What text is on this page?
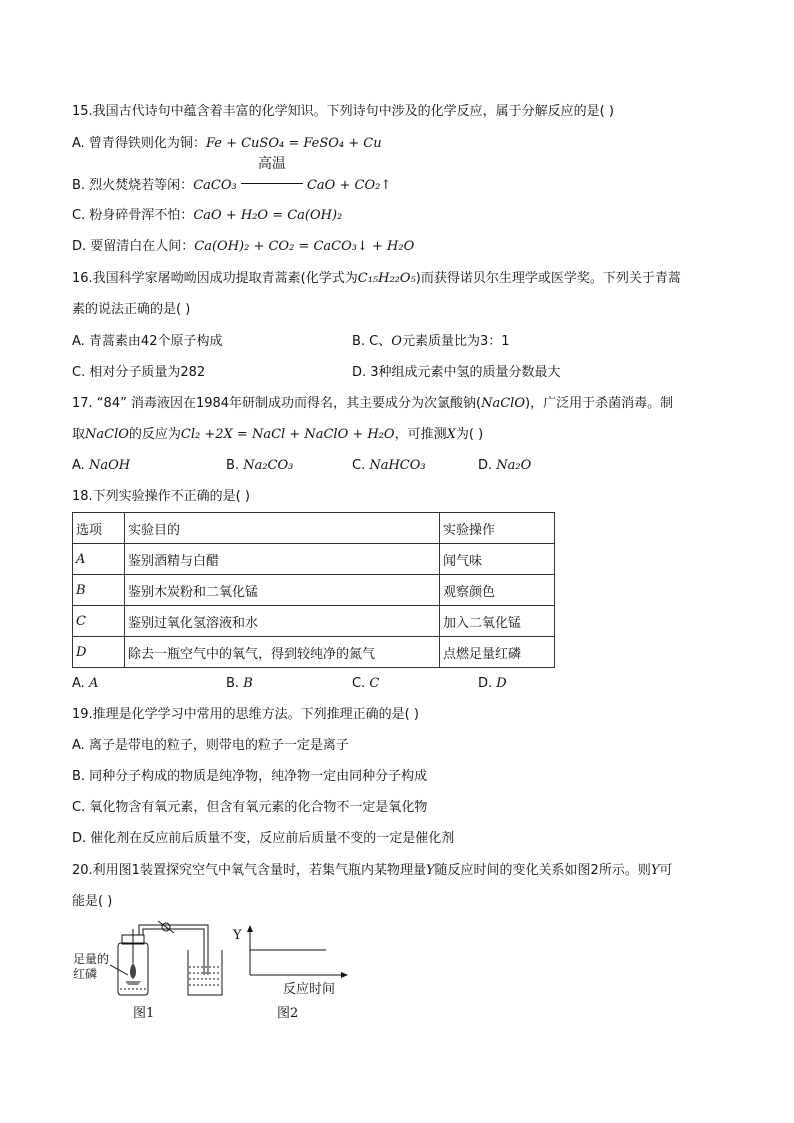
15.我国古代诗句中蕴含着丰富的化学知识。下列诗句中涉及的化学反应，属于分解反应的是( )
A. 曾青得铁则化为铜：Fe + CuSO₄ = FeSO₄ + Cu
B. 烈火焚烧若等闲：CaCO₃
高温
CaO + CO₂↑
C. 粉身碎骨浑不怕：CaO + H₂O = Ca(OH)₂
D. 要留清白在人间：Ca(OH)₂ + CO₂ = CaCO₃↓ + H₂O
16.我国科学家屠呦呦因成功提取青蒿素(化学式为C₁₅H₂₂O₅)而获得诺贝尔生理学或医学奖。下列关于青蒿
素的说法正确的是( )
A. 青蒿素由42个原子构成	B. C、O元素质量比为3：1
C. 相对分子质量为282	D. 3种组成元素中氢的质量分数最大
17. “84” 消毒液因在1984年研制成功而得名，其主要成分为次氯酸钠(NaClO)，广泛用于杀菌消毒。制
取NaClO的反应为Cl₂ +2X = NaCl + NaClO + H₂O，可推测X为( )
A. NaOH	B. Na₂CO₃	C. NaHCO₃	D. Na₂O
18.下列实验操作不正确的是( )
选项	实验目的	实验操作
A	鉴别酒精与白醋	闻气味
B	鉴别木炭粉和二氧化锰	观察颜色
C	鉴别过氧化氢溶液和水	加入二氧化锰
D	除去一瓶空气中的氧气，得到较纯净的氮气	点燃足量红磷
A. A	B. B	C. C	D. D
19.推理是化学学习中常用的思维方法。下列推理正确的是( )
A. 离子是带电的粒子，则带电的粒子一定是离子
B. 同种分子构成的物质是纯净物，纯净物一定由同种分子构成
C. 氧化物含有氧元素，但含有氧元素的化合物不一定是氧化物
D. 催化剂在反应前后质量不变，反应前后质量不变的一定是催化剂
20.利用图1装置探究空气中氧气含量时，若集气瓶内某物理量Y随反应时间的变化关系如图2所示。则Y可
能是( )
足量的
红磷
图1
Y
反应时间
图2
